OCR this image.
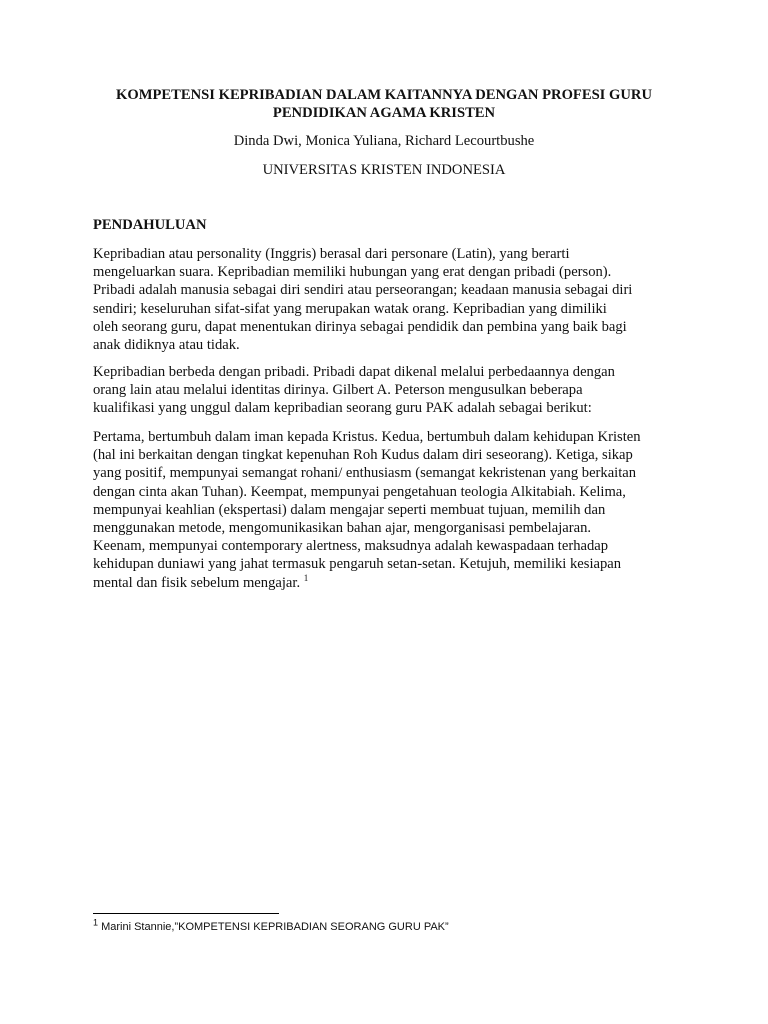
KOMPETENSI KEPRIBADIAN DALAM KAITANNYA DENGAN PROFESI GURU
PENDIDIKAN AGAMA KRISTEN

Dinda Dwi, Monica Yuliana, Richard Lecourtbushe

UNIVERSITAS KRISTEN INDONESIA

PENDAHULUAN

Kepribadian atau personality (Inggris) berasal dari personare (Latin), yang berarti
mengeluarkan suara. Kepribadian memiliki hubungan yang erat dengan pribadi (person).
Pribadi adalah manusia sebagai diri sendiri atau perseorangan; keadaan manusia sebagai diri
sendiri; keseluruhan sifat-sifat yang merupakan watak orang. Kepribadian yang dimiliki
oleh seorang guru, dapat menentukan dirinya sebagai pendidik dan pembina yang baik bagi
anak didiknya atau tidak.

Kepribadian berbeda dengan pribadi. Pribadi dapat dikenal melalui perbedaannya dengan
orang lain atau melalui identitas dirinya. Gilbert A. Peterson mengusulkan beberapa
kualifikasi yang unggul dalam kepribadian seorang guru PAK adalah sebagai berikut:

Pertama, bertumbuh dalam iman kepada Kristus. Kedua, bertumbuh dalam kehidupan Kristen
(hal ini berkaitan dengan tingkat kepenuhan Roh Kudus dalam diri seseorang). Ketiga, sikap
yang positif, mempunyai semangat rohani/ enthusiasm (semangat kekristenan yang berkaitan
dengan cinta akan Tuhan). Keempat, mempunyai pengetahuan teologia Alkitabiah. Kelima,
mempunyai keahlian (ekspertasi) dalam mengajar seperti membuat tujuan, memilih dan
menggunakan metode, mengomunikasikan bahan ajar, mengorganisasi pembelajaran.
Keenam, mempunyai contemporary alertness, maksudnya adalah kewaspadaan terhadap
kehidupan duniawi yang jahat termasuk pengaruh setan-setan. Ketujuh, memiliki kesiapan
mental dan fisik sebelum mengajar. $^1$

$^1$ Marini Stannie,”KOMPETENSI KEPRIBADIAN SEORANG GURU PAK”
